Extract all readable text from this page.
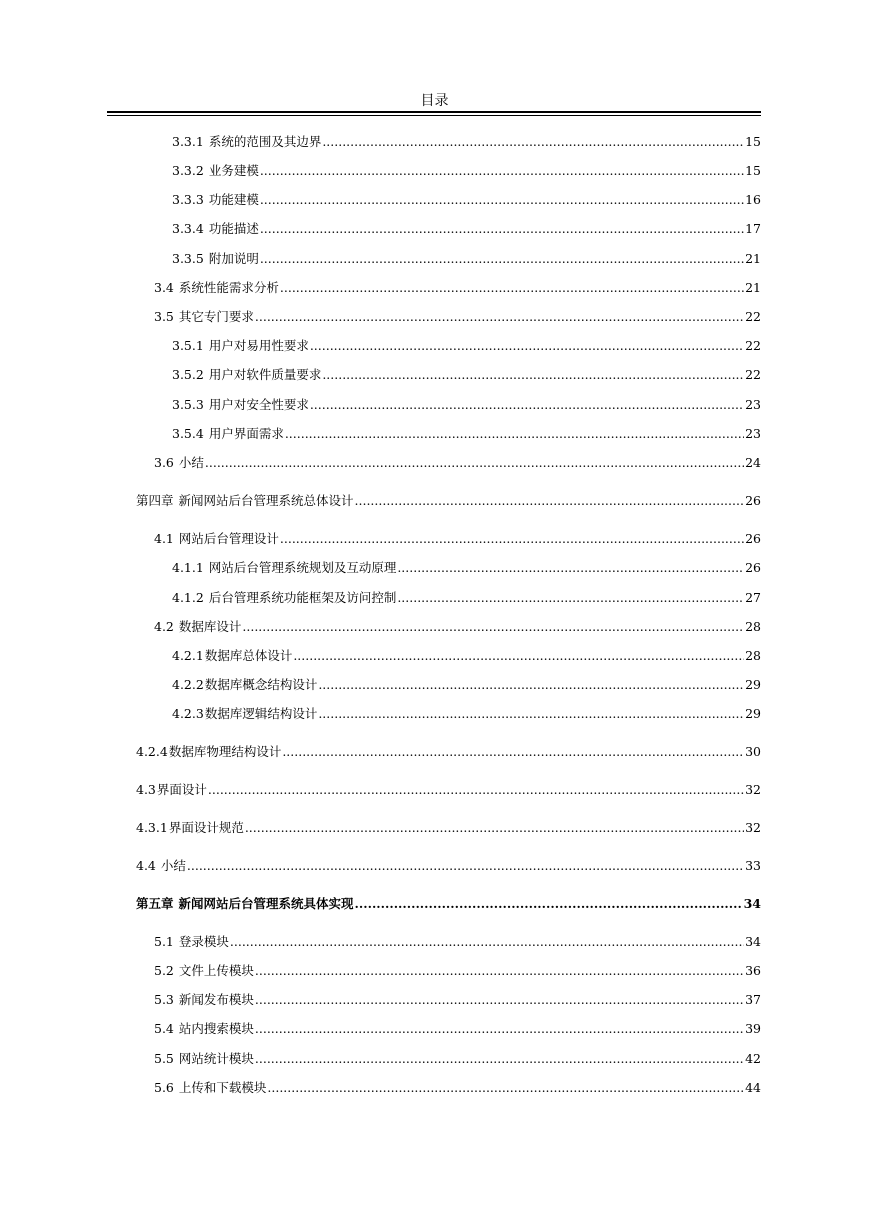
目录
3.3.1 系统的范围及其边界 .....	15
3.3.2 业务建模 .....	15
3.3.3 功能建模 .....	16
3.3.4 功能描述 .....	17
3.3.5 附加说明 .....	21
3.4 系统性能需求分析 .....	21
3.5 其它专门要求 .....	22
3.5.1 用户对易用性要求 .....	22
3.5.2 用户对软件质量要求 .....	22
3.5.3 用户对安全性要求 .....	23
3.5.4 用户界面需求 .....	23
3.6 小结 .....	24
第四章 新闻网站后台管理系统总体设计 .....	26
4.1 网站后台管理设计 .....	26
4.1.1 网站后台管理系统规划及互动原理 .....	26
4.1.2 后台管理系统功能框架及访问控制 .....	27
4.2 数据库设计 .....	28
4.2.1 数据库总体设计 .....	28
4.2.2 数据库概念结构设计 .....	29
4.2.3 数据库逻辑结构设计 .....	29
4.2.4 数据库物理结构设计 .....	30
4.3 界面设计 .....	32
4.3.1 界面设计规范 .....	32
4.4 小结 .....	33
第五章 新闻网站后台管理系统具体实现 .....	34
5.1 登录模块 .....	34
5.2 文件上传模块 .....	36
5.3 新闻发布模块 .....	37
5.4 站内搜索模块 .....	39
5.5 网站统计模块 .....	42
5.6 上传和下载模块 .....	44
